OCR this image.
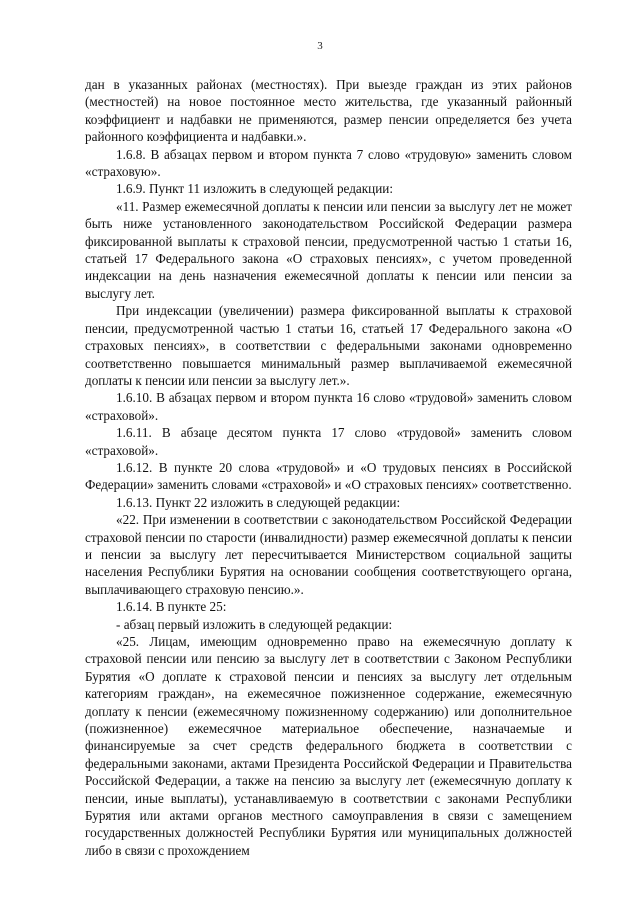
3

дан в указанных районах (местностях). При выезде граждан из этих районов (местностей) на новое постоянное место жительства, где указанный районный коэффициент и надбавки не применяются, размер пенсии определяется без учета районного коэффициента и надбавки.».

1.6.8. В абзацах первом и втором пункта 7 слово «трудовую» заменить словом «страховую».

1.6.9. Пункт 11 изложить в следующей редакции:

«11. Размер ежемесячной доплаты к пенсии или пенсии за выслугу лет не может быть ниже установленного законодательством Российской Федерации размера фиксированной выплаты к страховой пенсии, предусмотренной частью 1 статьи 16, статьей 17 Федерального закона «О страховых пенсиях», с учетом проведенной индексации на день назначения ежемесячной доплаты к пенсии или пенсии за выслугу лет.

При индексации (увеличении) размера фиксированной выплаты к страховой пенсии, предусмотренной частью 1 статьи 16, статьей 17 Федерального закона «О страховых пенсиях», в соответствии с федеральными законами одновременно соответственно повышается минимальный размер выплачиваемой ежемесячной доплаты к пенсии или пенсии за выслугу лет.».

1.6.10. В абзацах первом и втором пункта 16 слово «трудовой» заменить словом «страховой».

1.6.11. В абзаце десятом пункта 17 слово «трудовой» заменить словом «страховой».

1.6.12. В пункте 20 слова «трудовой» и «О трудовых пенсиях в Российской Федерации» заменить словами «страховой» и «О страховых пенсиях» соответственно.

1.6.13. Пункт 22 изложить в следующей редакции:

«22. При изменении в соответствии с законодательством Российской Федерации страховой пенсии по старости (инвалидности) размер ежемесячной доплаты к пенсии и пенсии за выслугу лет пересчитывается Министерством социальной защиты населения Республики Бурятия на основании сообщения соответствующего органа, выплачивающего страховую пенсию.».

1.6.14. В пункте 25:

- абзац первый изложить в следующей редакции:

«25. Лицам, имеющим одновременно право на ежемесячную доплату к страховой пенсии или пенсию за выслугу лет в соответствии с Законом Республики Бурятия «О доплате к страховой пенсии и пенсиях за выслугу лет отдельным категориям граждан», на ежемесячное пожизненное содержание, ежемесячную доплату к пенсии (ежемесячному пожизненному содержанию) или дополнительное (пожизненное) ежемесячное материальное обеспечение, назначаемые и финансируемые за счет средств федерального бюджета в соответствии с федеральными законами, актами Президента Российской Федерации и Правительства Российской Федерации, а также на пенсию за выслугу лет (ежемесячную доплату к пенсии, иные выплаты), устанавливаемую в соответствии с законами Республики Бурятия или актами органов местного самоуправления в связи с замещением государственных должностей Республики Бурятия или муниципальных должностей либо в связи с прохождением
